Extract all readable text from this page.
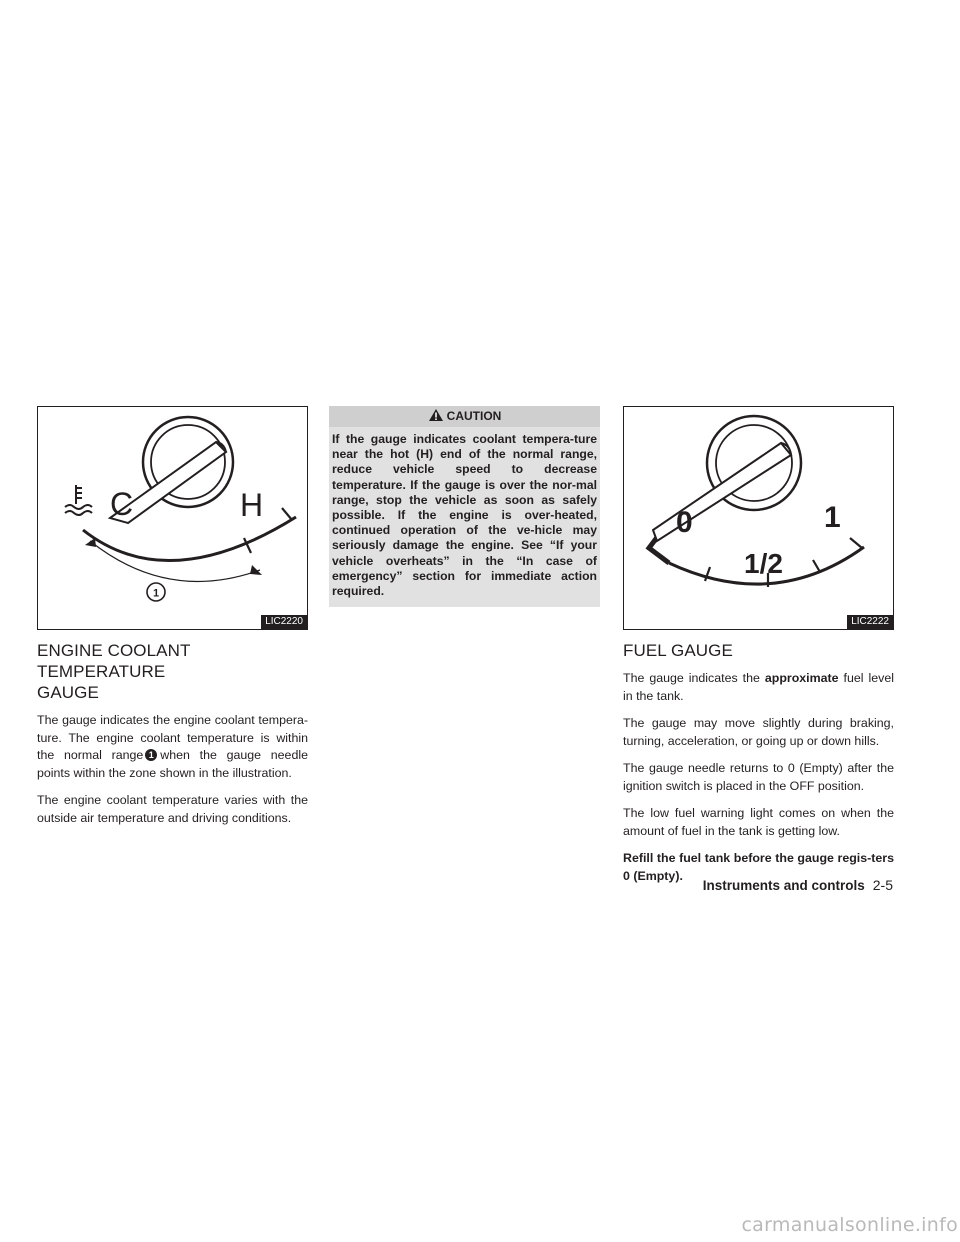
C	H
1
LIC2220
ENGINE COOLANT TEMPERATURE
GAUGE

The gauge indicates the engine coolant tempera-ture. The engine coolant temperature is within the normal range 1 when the gauge needle points within the zone shown in the illustration.

The engine coolant temperature varies with the outside air temperature and driving conditions.

CAUTION
If the gauge indicates coolant tempera-ture near the hot (H) end of the normal range, reduce vehicle speed to decrease temperature. If the gauge is over the nor-mal range, stop the vehicle as soon as safely possible. If the engine is over-heated, continued operation of the ve-hicle may seriously damage the engine. See “If your vehicle overheats” in the “In case of emergency” section for immediate action required.
0
1/2
1
LIC2222
FUEL GAUGE

The gauge indicates the approximate fuel level in the tank.

The gauge may move slightly during braking, turning, acceleration, or going up or down hills.

The gauge needle returns to 0 (Empty) after the ignition switch is placed in the OFF position.

The low fuel warning light comes on when the amount of fuel in the tank is getting low.

Refill the fuel tank before the gauge regis-ters 0 (Empty).

Instruments and controls 2-5
carmanualsonline.info
